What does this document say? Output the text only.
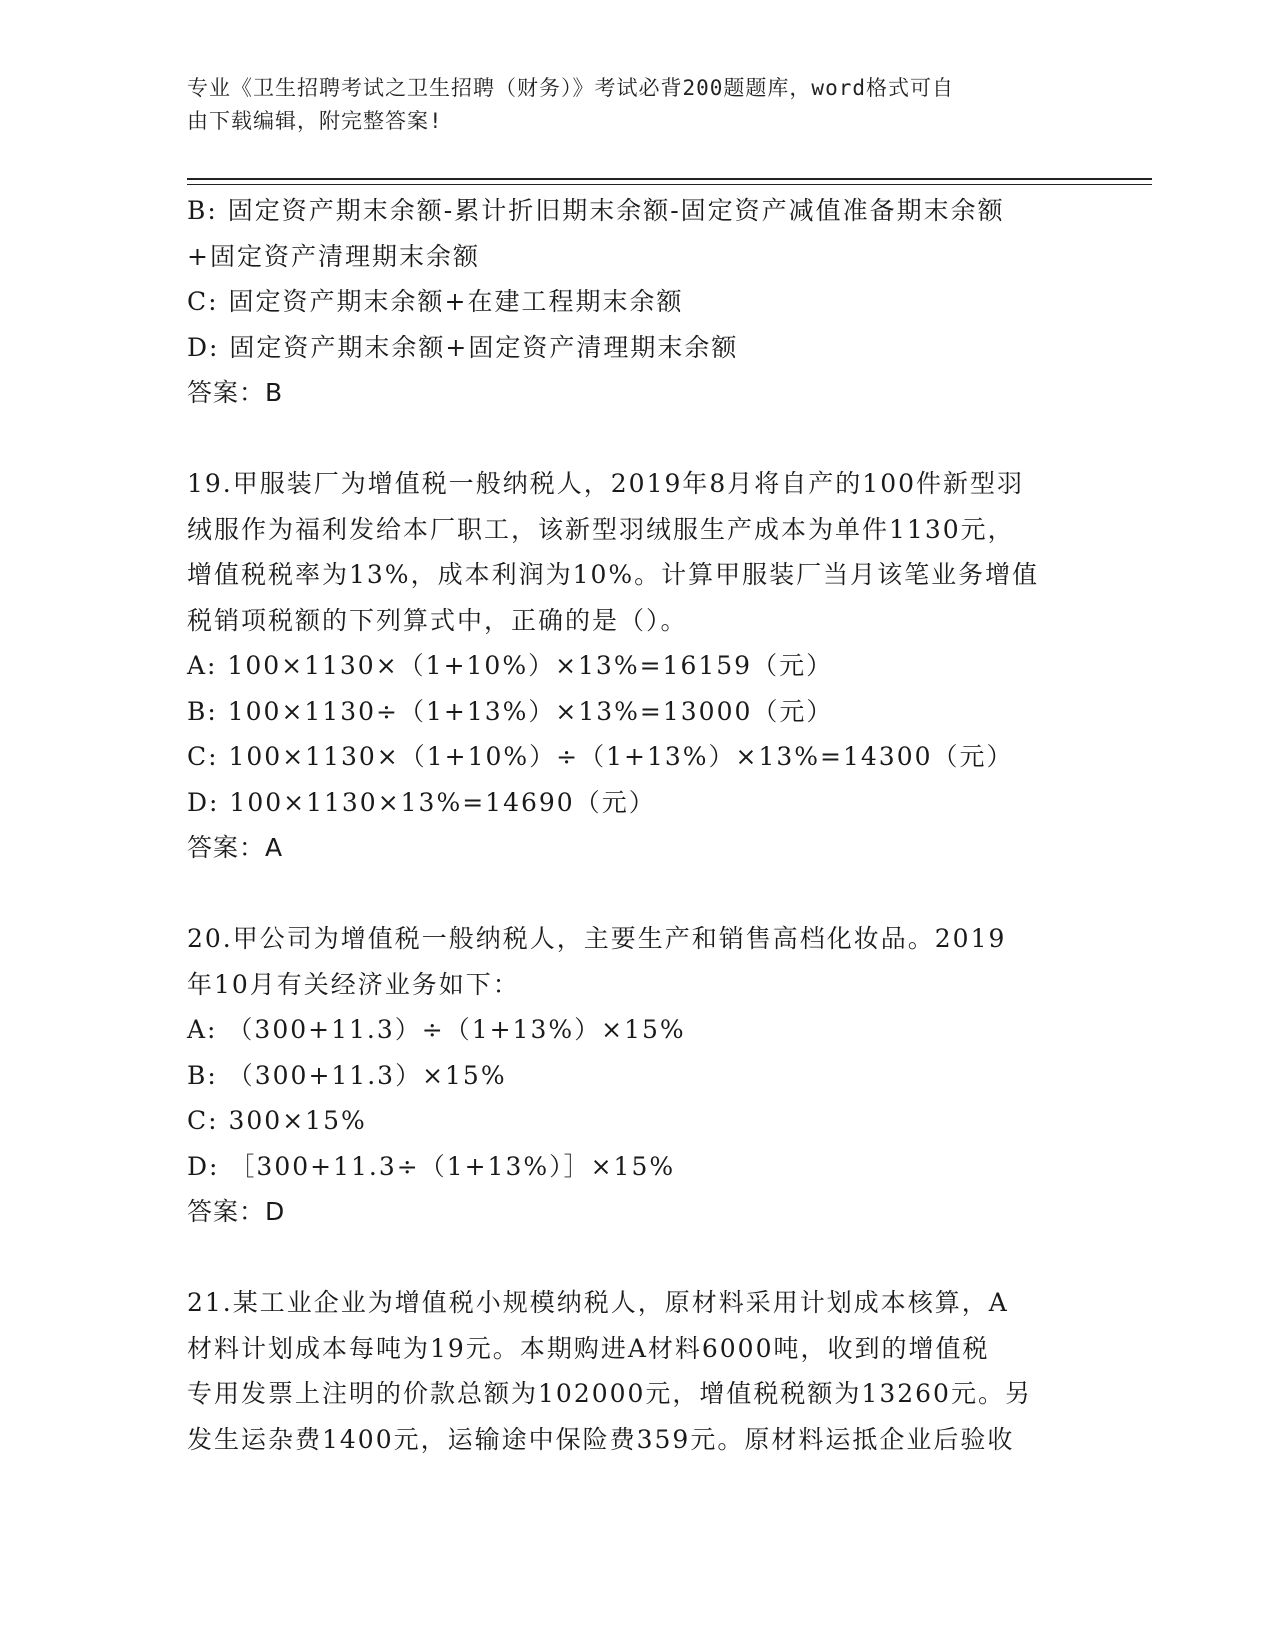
专业《卫生招聘考试之卫生招聘（财务）》考试必背200题题库，word格式可自
由下载编辑，附完整答案!
B: 固定资产期末余额-累计折旧期末余额-固定资产减值准备期末余额
+固定资产清理期末余额
C: 固定资产期末余额+在建工程期末余额
D: 固定资产期末余额+固定资产清理期末余额
答案：B
19.甲服装厂为增值税一般纳税人，2019年8月将自产的100件新型羽
绒服作为福利发给本厂职工，该新型羽绒服生产成本为单件1130元，
增值税税率为13%，成本利润为10%。计算甲服装厂当月该笔业务增值
税销项税额的下列算式中，正确的是（）。
A: 100×1130×（1+10%）×13%=16159（元）
B: 100×1130÷（1+13%）×13%=13000（元）
C: 100×1130×（1+10%）÷（1+13%）×13%=14300（元）
D: 100×1130×13%=14690（元）
答案：A
20.甲公司为增值税一般纳税人，主要生产和销售高档化妆品。2019
年10月有关经济业务如下：
A: （300+11.3）÷（1+13%）×15%
B: （300+11.3）×15%
C: 300×15%
D: ［300+11.3÷（1+13%）］×15%
答案：D
21.某工业企业为增值税小规模纳税人，原材料采用计划成本核算，A
材料计划成本每吨为19元。本期购进A材料6000吨，收到的增值税
专用发票上注明的价款总额为102000元，增值税税额为13260元。另
发生运杂费1400元，运输途中保险费359元。原材料运抵企业后验收
